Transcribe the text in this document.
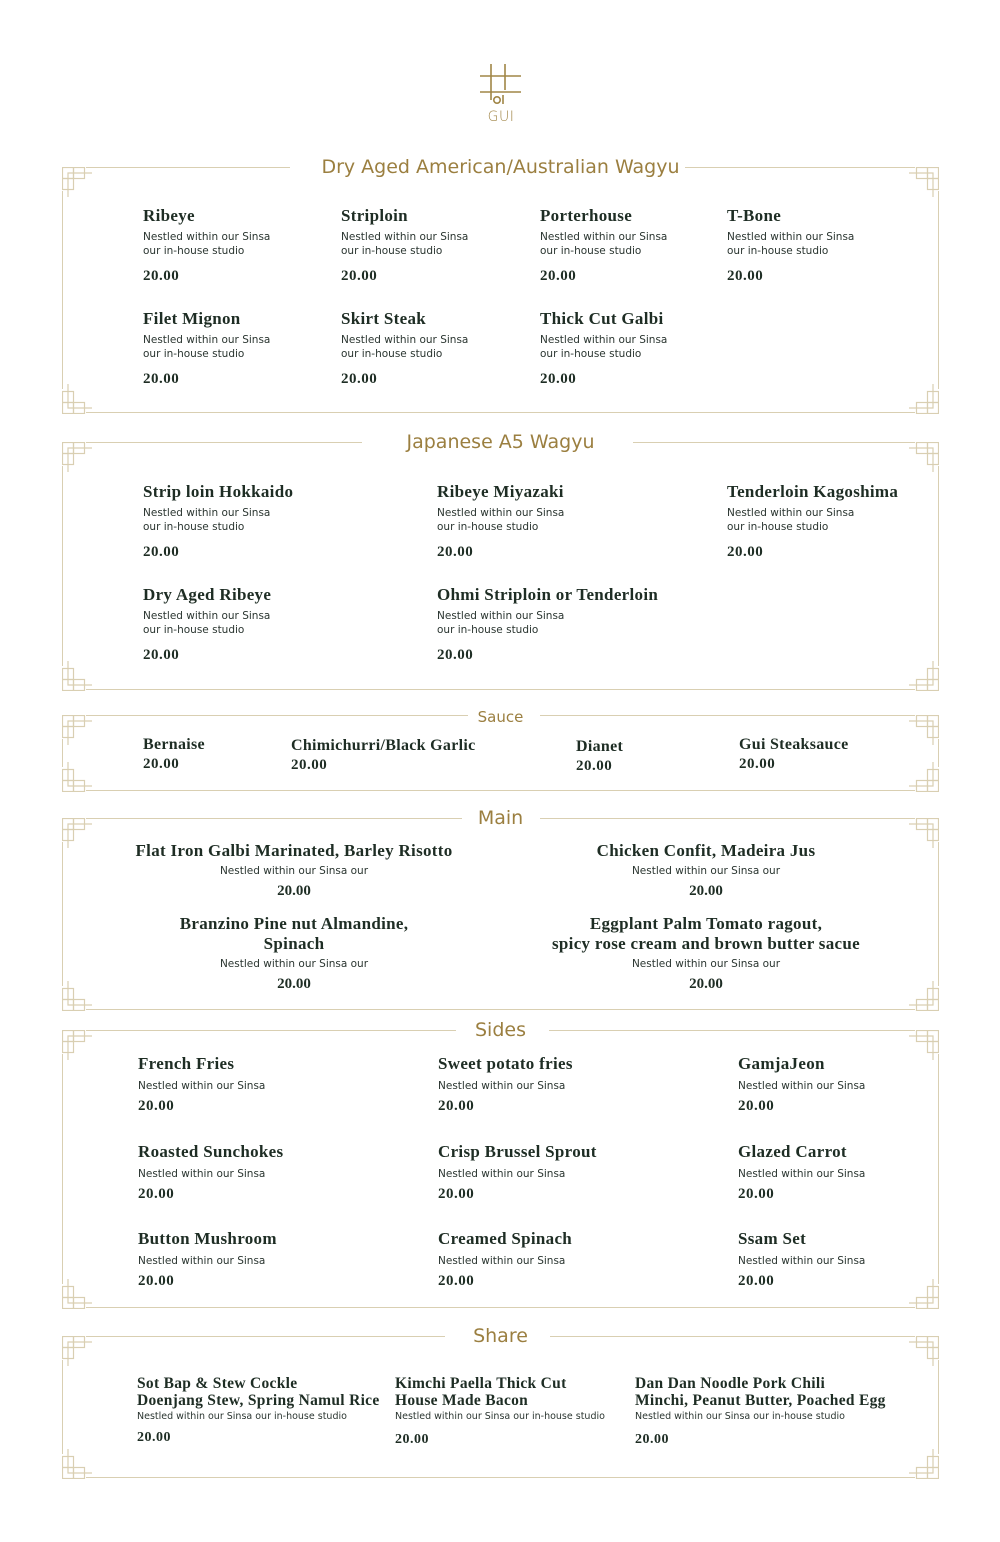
GUI
Dry Aged American/Australian Wagyu
Ribeye
Nestled within our Sinsa
our in-house studio
20.00
Striploin
Nestled within our Sinsa
our in-house studio
20.00
Porterhouse
Nestled within our Sinsa
our in-house studio
20.00
T-Bone
Nestled within our Sinsa
our in-house studio
20.00
Filet Mignon
Nestled within our Sinsa
our in-house studio
20.00
Skirt Steak
Nestled within our Sinsa
our in-house studio
20.00
Thick Cut Galbi
Nestled within our Sinsa
our in-house studio
20.00
Japanese A5 Wagyu
Strip loin Hokkaido
Nestled within our Sinsa
our in-house studio
20.00
Ribeye Miyazaki
Nestled within our Sinsa
our in-house studio
20.00
Tenderloin Kagoshima
Nestled within our Sinsa
our in-house studio
20.00
Dry Aged Ribeye
Nestled within our Sinsa
our in-house studio
20.00
Ohmi Striploin or Tenderloin
Nestled within our Sinsa
our in-house studio
20.00
Sauce
Bernaise
20.00
Chimichurri/Black Garlic
20.00
Dianet
20.00
Gui Steaksauce
20.00
Main
Flat Iron Galbi Marinated, Barley Risotto
Nestled within our Sinsa our
20.00
Chicken Confit, Madeira Jus
Nestled within our Sinsa our
20.00
Branzino Pine nut Almandine,
Spinach
Nestled within our Sinsa our
20.00
Eggplant Palm Tomato ragout,
spicy rose cream and brown butter sacue
Nestled within our Sinsa our
20.00
Sides
French Fries
Nestled within our Sinsa
20.00
Sweet potato fries
Nestled within our Sinsa
20.00
GamjaJeon
Nestled within our Sinsa
20.00
Roasted Sunchokes
Nestled within our Sinsa
20.00
Crisp Brussel Sprout
Nestled within our Sinsa
20.00
Glazed Carrot
Nestled within our Sinsa
20.00
Button Mushroom
Nestled within our Sinsa
20.00
Creamed Spinach
Nestled within our Sinsa
20.00
Ssam Set
Nestled within our Sinsa
20.00
Share
Sot Bap & Stew Cockle
Doenjang Stew, Spring Namul Rice
Nestled within our Sinsa our in-house studio
20.00
Kimchi Paella Thick Cut
House Made Bacon
Nestled within our Sinsa our in-house studio
20.00
Dan Dan Noodle Pork Chili
Minchi, Peanut Butter, Poached Egg
Nestled within our Sinsa our in-house studio
20.00
